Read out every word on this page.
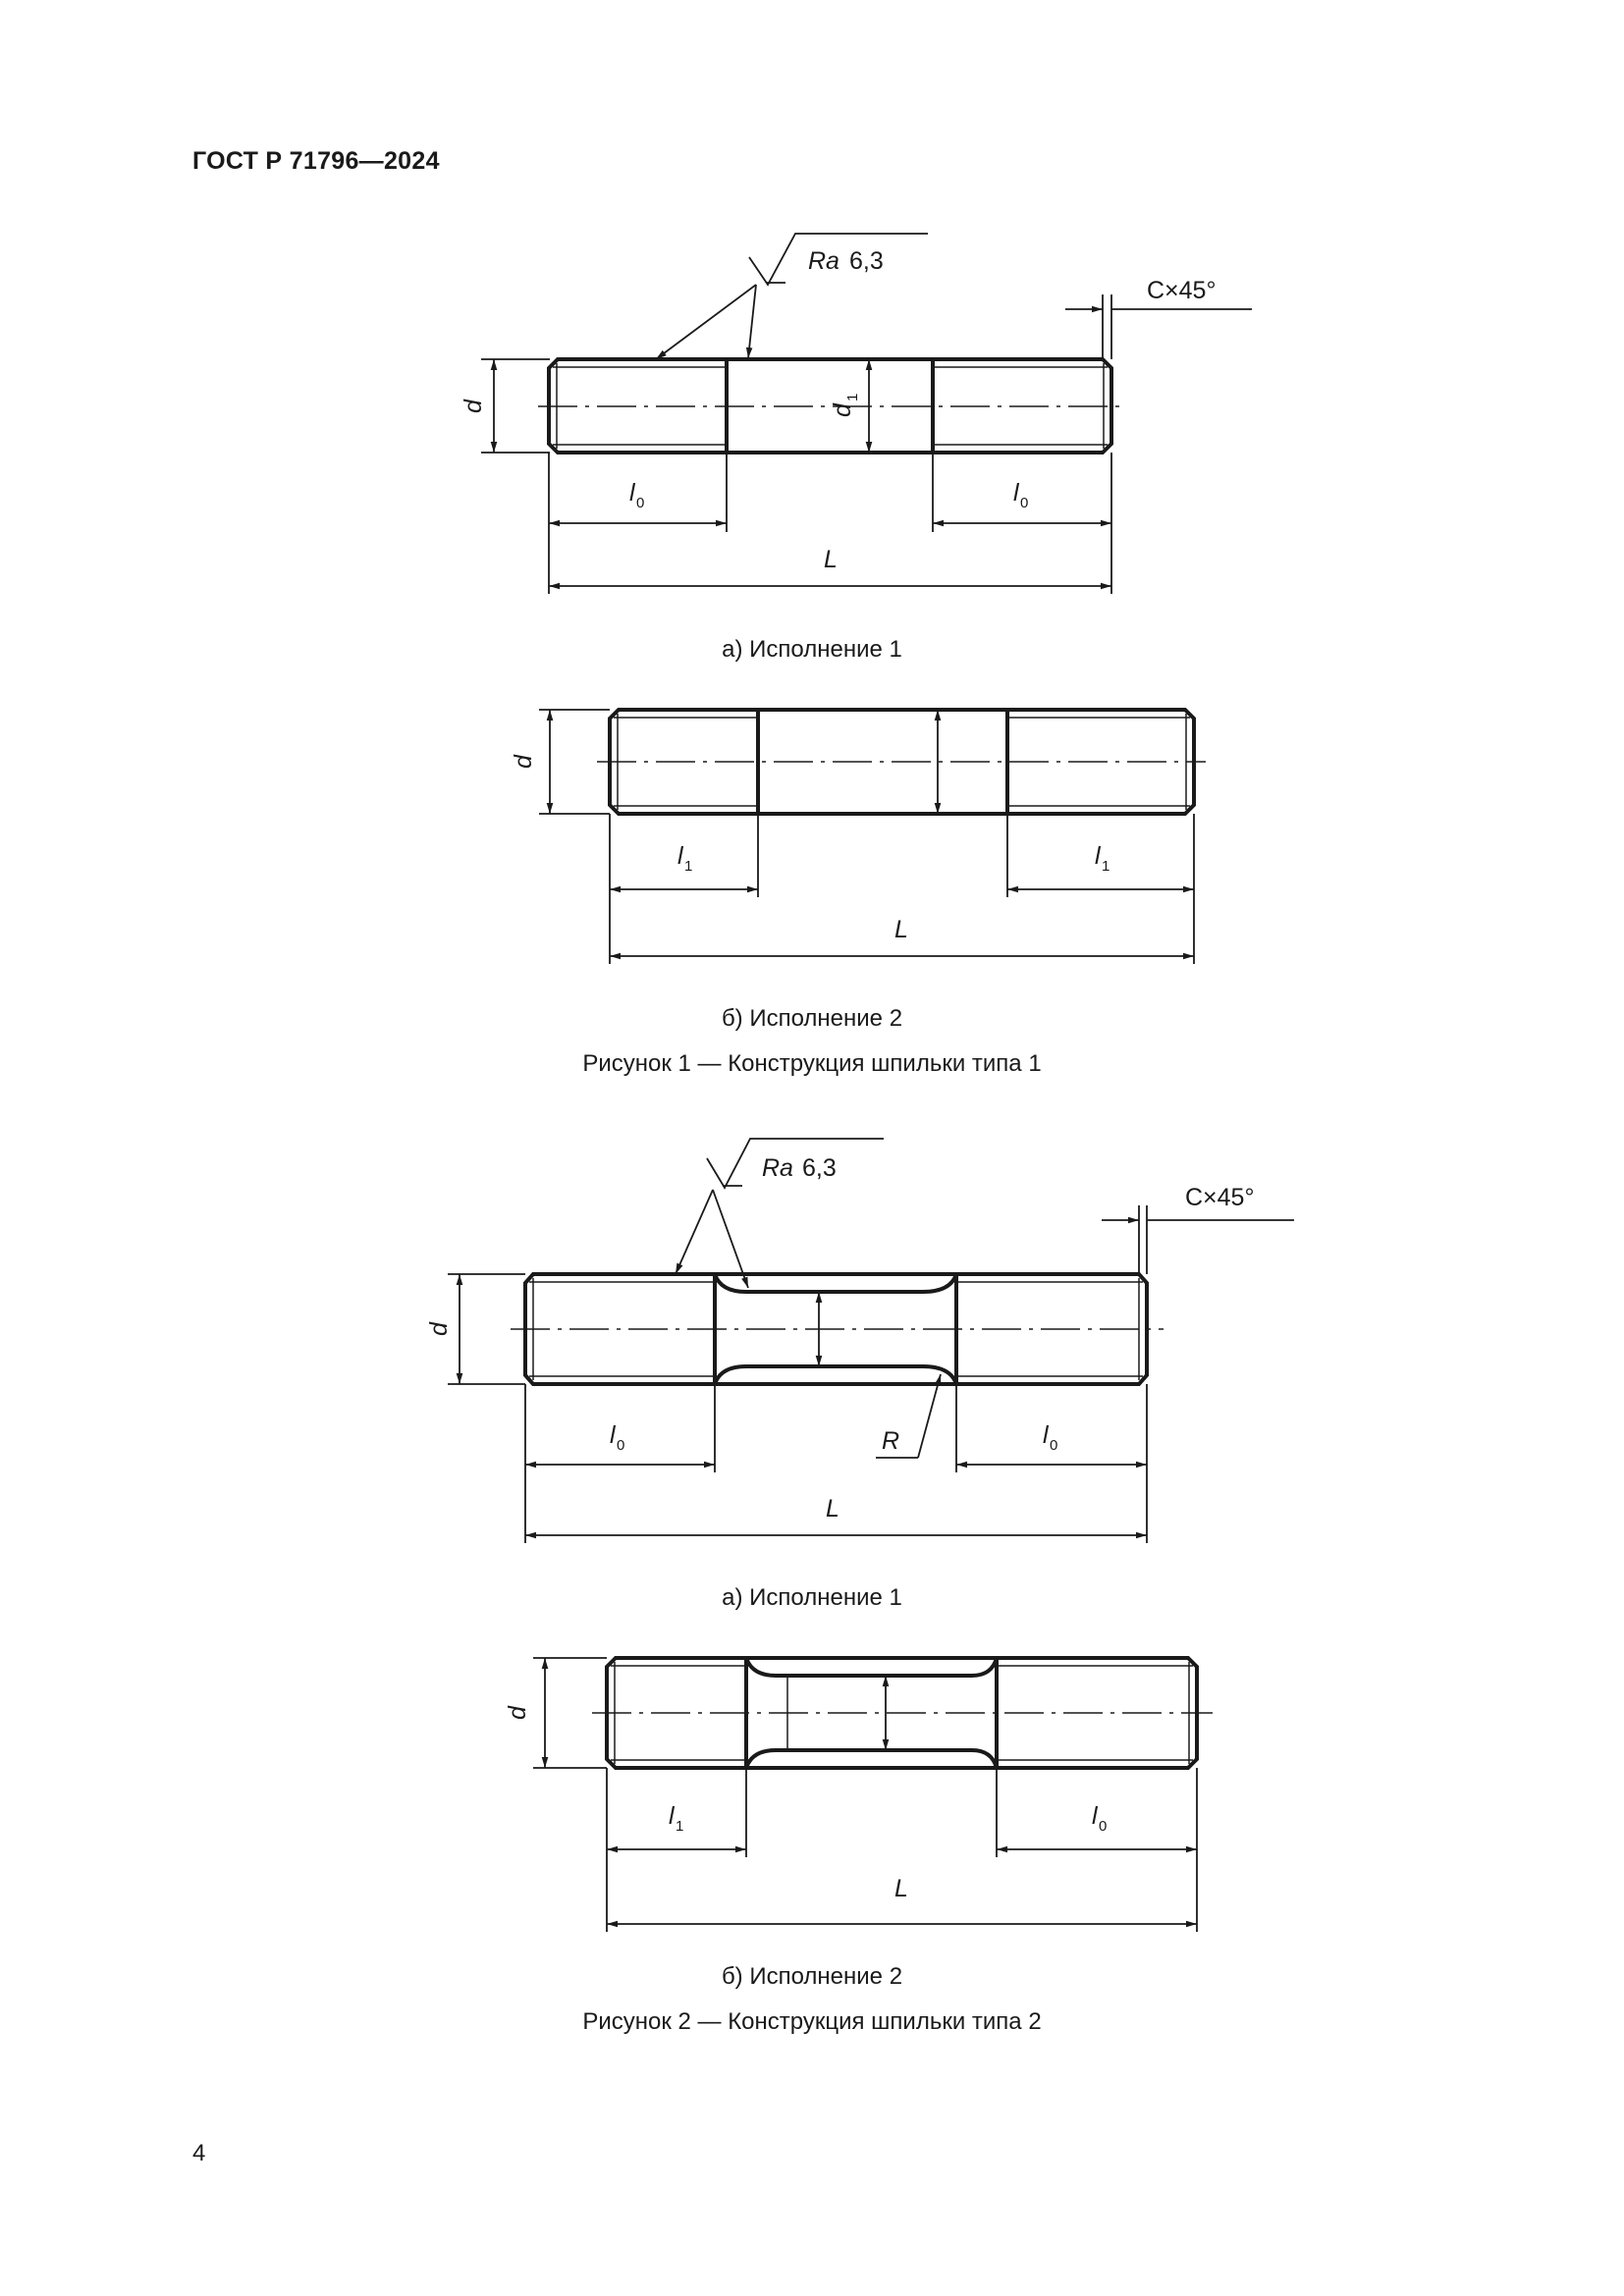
ГОСТ Р 71796—2024
Ra 6,3
C×45°
d	d
1
l 0	l 0
L
d
l 1	l 1
L
Ra 6,3
C×45°
d
R
l 0	l 0
L
d
l 1	l 0
L
а) Исполнение 1
б) Исполнение 2
Рисунок 1 — Конструкция шпильки типа 1
а) Исполнение 1
б) Исполнение 2
Рисунок 2 — Конструкция шпильки типа 2
4
